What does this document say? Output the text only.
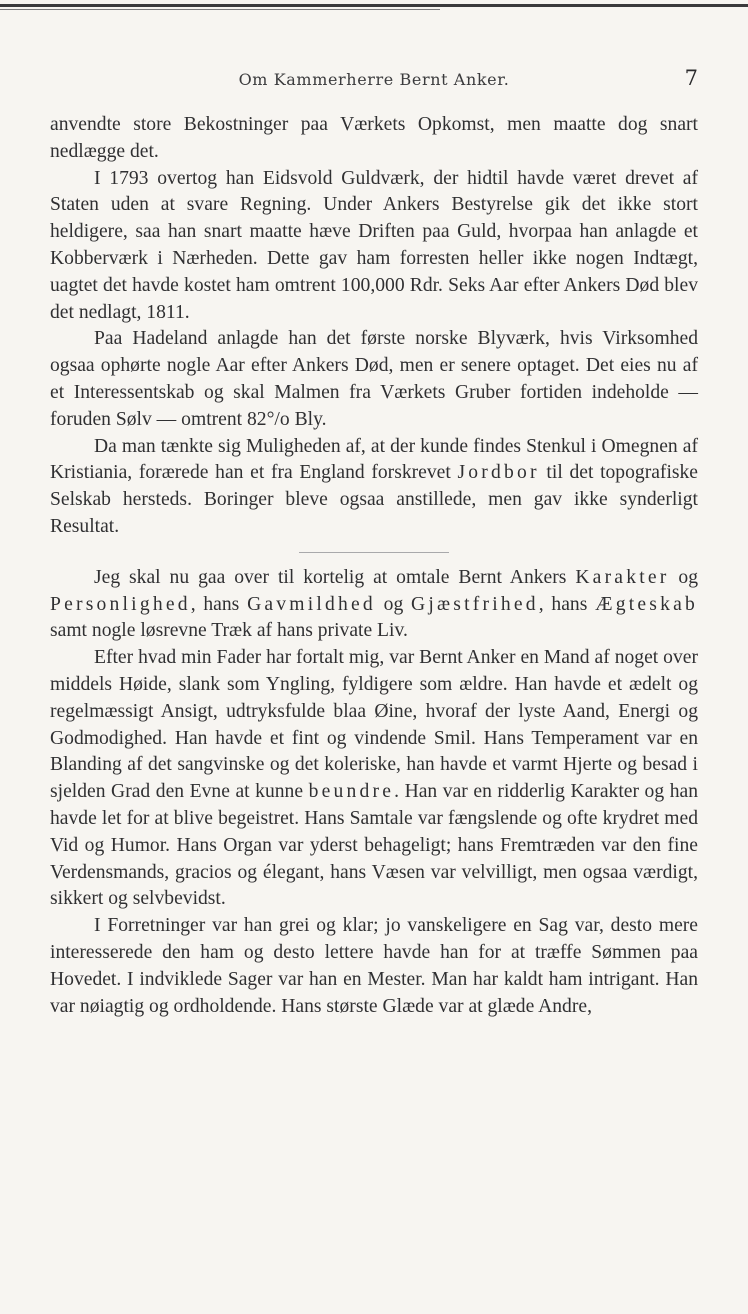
Om Kammerherre Bernt Anker.	7

anvendte store Bekostninger paa Værkets Opkomst, men maatte dog snart nedlægge det.

I 1793 overtog han Eidsvold Guldværk, der hidtil havde været drevet af Staten uden at svare Regning. Under Ankers Bestyrelse gik det ikke stort heldigere, saa han snart maatte hæve Driften paa Guld, hvorpaa han anlagde et Kobberværk i Nærheden. Dette gav ham forresten heller ikke nogen Indtægt, uagtet det havde kostet ham omtrent 100,000 Rdr. Seks Aar efter Ankers Død blev det nedlagt, 1811.

Paa Hadeland anlagde han det første norske Blyværk, hvis Virksomhed ogsaa ophørte nogle Aar efter Ankers Død, men er senere optaget. Det eies nu af et Interessentskab og skal Malmen fra Værkets Gruber fortiden indeholde — foruden Sølv — omtrent 82°/o Bly.

Da man tænkte sig Muligheden af, at der kunde findes Stenkul i Omegnen af Kristiania, forærede han et fra England forskrevet Jordbor til det topografiske Selskab hersteds. Boringer bleve ogsaa anstillede, men gav ikke synderligt Resultat.

Jeg skal nu gaa over til kortelig at omtale Bernt Ankers Karakter og Personlighed, hans Gavmildhed og Gjæstfrihed, hans Ægteskab samt nogle løsrevne Træk af hans private Liv.

Efter hvad min Fader har fortalt mig, var Bernt Anker en Mand af noget over middels Høide, slank som Yngling, fyldigere som ældre. Han havde et ædelt og regelmæssigt Ansigt, udtryksfulde blaa Øine, hvoraf der lyste Aand, Energi og Godmodighed. Han havde et fint og vindende Smil. Hans Temperament var en Blanding af det sangvinske og det koleriske, han havde et varmt Hjerte og besad i sjelden Grad den Evne at kunne beundre. Han var en ridderlig Karakter og han havde let for at blive begeistret. Hans Samtale var fængslende og ofte krydret med Vid og Humor. Hans Organ var yderst behageligt; hans Fremtræden var den fine Verdensmands, gracios og élegant, hans Væsen var velvilligt, men ogsaa værdigt, sikkert og selvbevidst.

I Forretninger var han grei og klar; jo vanskeligere en Sag var, desto mere interesserede den ham og desto lettere havde han for at træffe Sømmen paa Hovedet. I indviklede Sager var han en Mester. Man har kaldt ham intrigant. Han var nøiagtig og ordholdende. Hans største Glæde var at glæde Andre,
